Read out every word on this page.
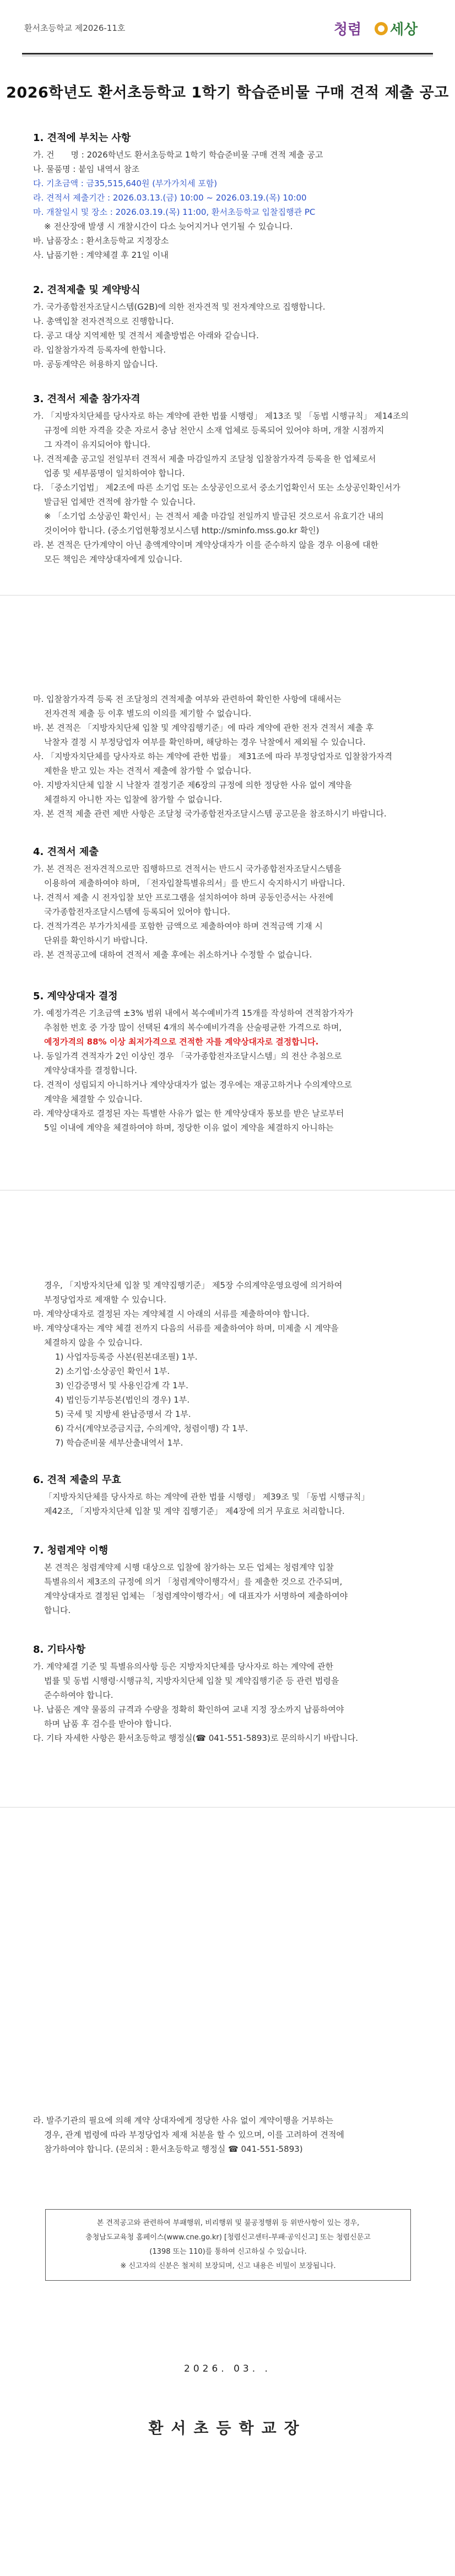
환서초등학교 제2026-11호	청렴 세상
2026학년도 환서초등학교 1학기 학습준비물 구매 견적 제출 공고
1. 견적에 부치는 사항
가. 건　　명 : 2026학년도 환서초등학교 1학기 학습준비물 구매 견적 제출 공고
나. 물품명 : 붙임 내역서 참조
다. 기초금액 : 금35,515,640원 (부가가치세 포함)
라. 견적서 제출기간 : 2026.03.13.(금) 10:00 ~ 2026.03.19.(목) 10:00
마. 개찰일시 및 장소 : 2026.03.19.(목) 11:00, 환서초등학교 입찰집행관 PC
※ 전산장애 발생 시 개찰시간이 다소 늦어지거나 연기될 수 있습니다.
바. 납품장소 : 환서초등학교 지정장소
사. 납품기한 : 계약체결 후 21일 이내
2. 견적제출 및 계약방식
가. 국가종합전자조달시스템(G2B)에 의한 전자견적 및 전자계약으로 집행합니다.
나. 총액입찰 전자견적으로 진행합니다.
다. 공고 대상 지역제한 및 견적서 제출방법은 아래와 같습니다.
라. 입찰참가자격 등록자에 한합니다.
마. 공동계약은 허용하지 않습니다.
3. 견적서 제출 참가자격
가. 「지방자치단체를 당사자로 하는 계약에 관한 법률 시행령」 제13조 및 「동법 시행규칙」 제14조의
규정에 의한 자격을 갖춘 자로서 충남 천안시 소재 업체로 등록되어 있어야 하며, 개찰 시점까지
그 자격이 유지되어야 합니다.
나. 견적제출 공고일 전일부터 견적서 제출 마감일까지 조달청 입찰참가자격 등록을 한 업체로서
업종 및 세부품명이 일치하여야 합니다.
다. 「중소기업법」 제2조에 따른 소기업 또는 소상공인으로서 중소기업확인서 또는 소상공인확인서가
발급된 업체만 견적에 참가할 수 있습니다.
※ 「소기업 소상공인 확인서」는 견적서 제출 마감일 전일까지 발급된 것으로서 유효기간 내의
것이어야 합니다. (중소기업현황정보시스템 http://sminfo.mss.go.kr 확인)
라. 본 견적은 단가계약이 아닌 총액계약이며 계약상대자가 이를 준수하지 않을 경우 이용에 대한
모든 책임은 계약상대자에게 있습니다.
마. 입찰참가자격 등록 전 조달청의 견적제출 여부와 관련하여 확인한 사항에 대해서는
전자견적 제출 등 이후 별도의 이의를 제기할 수 없습니다.
바. 본 견적은 「지방자치단체 입찰 및 계약집행기준」에 따라 계약에 관한 전자 견적서 제출 후
낙찰자 결정 시 부정당업자 여부를 확인하며, 해당하는 경우 낙찰에서 제외될 수 있습니다.
사. 「지방자치단체를 당사자로 하는 계약에 관한 법률」 제31조에 따라 부정당업자로 입찰참가자격
제한을 받고 있는 자는 견적서 제출에 참가할 수 없습니다.
아. 지방자치단체 입찰 시 낙찰자 결정기준 제6장의 규정에 의한 정당한 사유 없이 계약을
체결하지 아니한 자는 입찰에 참가할 수 없습니다.
자. 본 견적 제출 관련 제반 사항은 조달청 국가종합전자조달시스템 공고문을 참조하시기 바랍니다.
4. 견적서 제출
가. 본 견적은 전자견적으로만 집행하므로 견적서는 반드시 국가종합전자조달시스템을
이용하여 제출하여야 하며, 「전자입찰특별유의서」를 반드시 숙지하시기 바랍니다.
나. 견적서 제출 시 전자입찰 보안 프로그램을 설치하여야 하며 공동인증서는 사전에
국가종합전자조달시스템에 등록되어 있어야 합니다.
다. 견적가격은 부가가치세를 포함한 금액으로 제출하여야 하며 견적금액 기재 시
단위를 확인하시기 바랍니다.
라. 본 견적공고에 대하여 견적서 제출 후에는 취소하거나 수정할 수 없습니다.
5. 계약상대자 결정
가. 예정가격은 기초금액 ±3% 범위 내에서 복수예비가격 15개를 작성하여 견적참가자가
추첨한 번호 중 가장 많이 선택된 4개의 복수예비가격을 산술평균한 가격으로 하며,
예정가격의 88% 이상 최저가격으로 견적한 자를 계약상대자로 결정합니다.
나. 동일가격 견적자가 2인 이상인 경우 「국가종합전자조달시스템」의 전산 추첨으로
계약상대자를 결정합니다.
다. 견적이 성립되지 아니하거나 계약상대자가 없는 경우에는 재공고하거나 수의계약으로
계약을 체결할 수 있습니다.
라. 계약상대자로 결정된 자는 특별한 사유가 없는 한 계약상대자 통보를 받은 날로부터
5일 이내에 계약을 체결하여야 하며, 정당한 이유 없이 계약을 체결하지 아니하는
경우, 「지방자치단체 입찰 및 계약집행기준」 제5장 수의계약운영요령에 의거하여
부정당업자로 제재할 수 있습니다.
마. 계약상대자로 결정된 자는 계약체결 시 아래의 서류를 제출하여야 합니다.
바. 계약상대자는 계약 체결 전까지 다음의 서류를 제출하여야 하며, 미제출 시 계약을
체결하지 않을 수 있습니다.
1) 사업자등록증 사본(원본대조필) 1부.
2) 소기업·소상공인 확인서 1부.
3) 인감증명서 및 사용인감계 각 1부.
4) 법인등기부등본(법인의 경우) 1부.
5) 국세 및 지방세 완납증명서 각 1부.
6) 각서(계약보증금지급, 수의계약, 청렴이행) 각 1부.
7) 학습준비물 세부산출내역서 1부.
6. 견적 제출의 무효
「지방자치단체를 당사자로 하는 계약에 관한 법률 시행령」 제39조 및 「동법 시행규칙」
제42조, 「지방자치단체 입찰 및 계약 집행기준」 제4장에 의거 무효로 처리합니다.
7. 청렴계약 이행
본 견적은 청렴계약제 시행 대상으로 입찰에 참가하는 모든 업체는 청렴계약 입찰
특별유의서 제3조의 규정에 의거 「청렴계약이행각서」를 제출한 것으로 간주되며,
계약상대자로 결정된 업체는 「청렴계약이행각서」에 대표자가 서명하여 제출하여야
합니다.
8. 기타사항
가. 계약체결 기준 및 특별유의사항 등은 지방자치단체를 당사자로 하는 계약에 관한
법률 및 동법 시행령·시행규칙, 지방자치단체 입찰 및 계약집행기준 등 관련 법령을
준수하여야 합니다.
나. 납품은 계약 물품의 규격과 수량을 정확히 확인하여 교내 지정 장소까지 납품하여야
하며 납품 후 검수를 받아야 합니다.
다. 기타 자세한 사항은 환서초등학교 행정실(☎ 041-551-5893)로 문의하시기 바랍니다.
라. 발주기관의 필요에 의해 계약 상대자에게 정당한 사유 없이 계약이행을 거부하는
경우, 관계 법령에 따라 부정당업자 제재 처분을 할 수 있으며, 이를 고려하여 견적에
참가하여야 합니다. (문의처 : 환서초등학교 행정실 ☎ 041-551-5893)
본 견적공고와 관련하여 부패행위, 비리행위 및 불공정행위 등 위반사항이 있는 경우,
충청남도교육청 홈페이스(www.cne.go.kr) [청렴신고센터-부패·공익신고] 또는 청렴신문고
(1398 또는 110)를 통하여 신고하실 수 있습니다.
※ 신고자의 신분은 철저히 보장되며, 신고 내용은 비밀이 보장됩니다.
2026. 03. .
환서초등학교장
